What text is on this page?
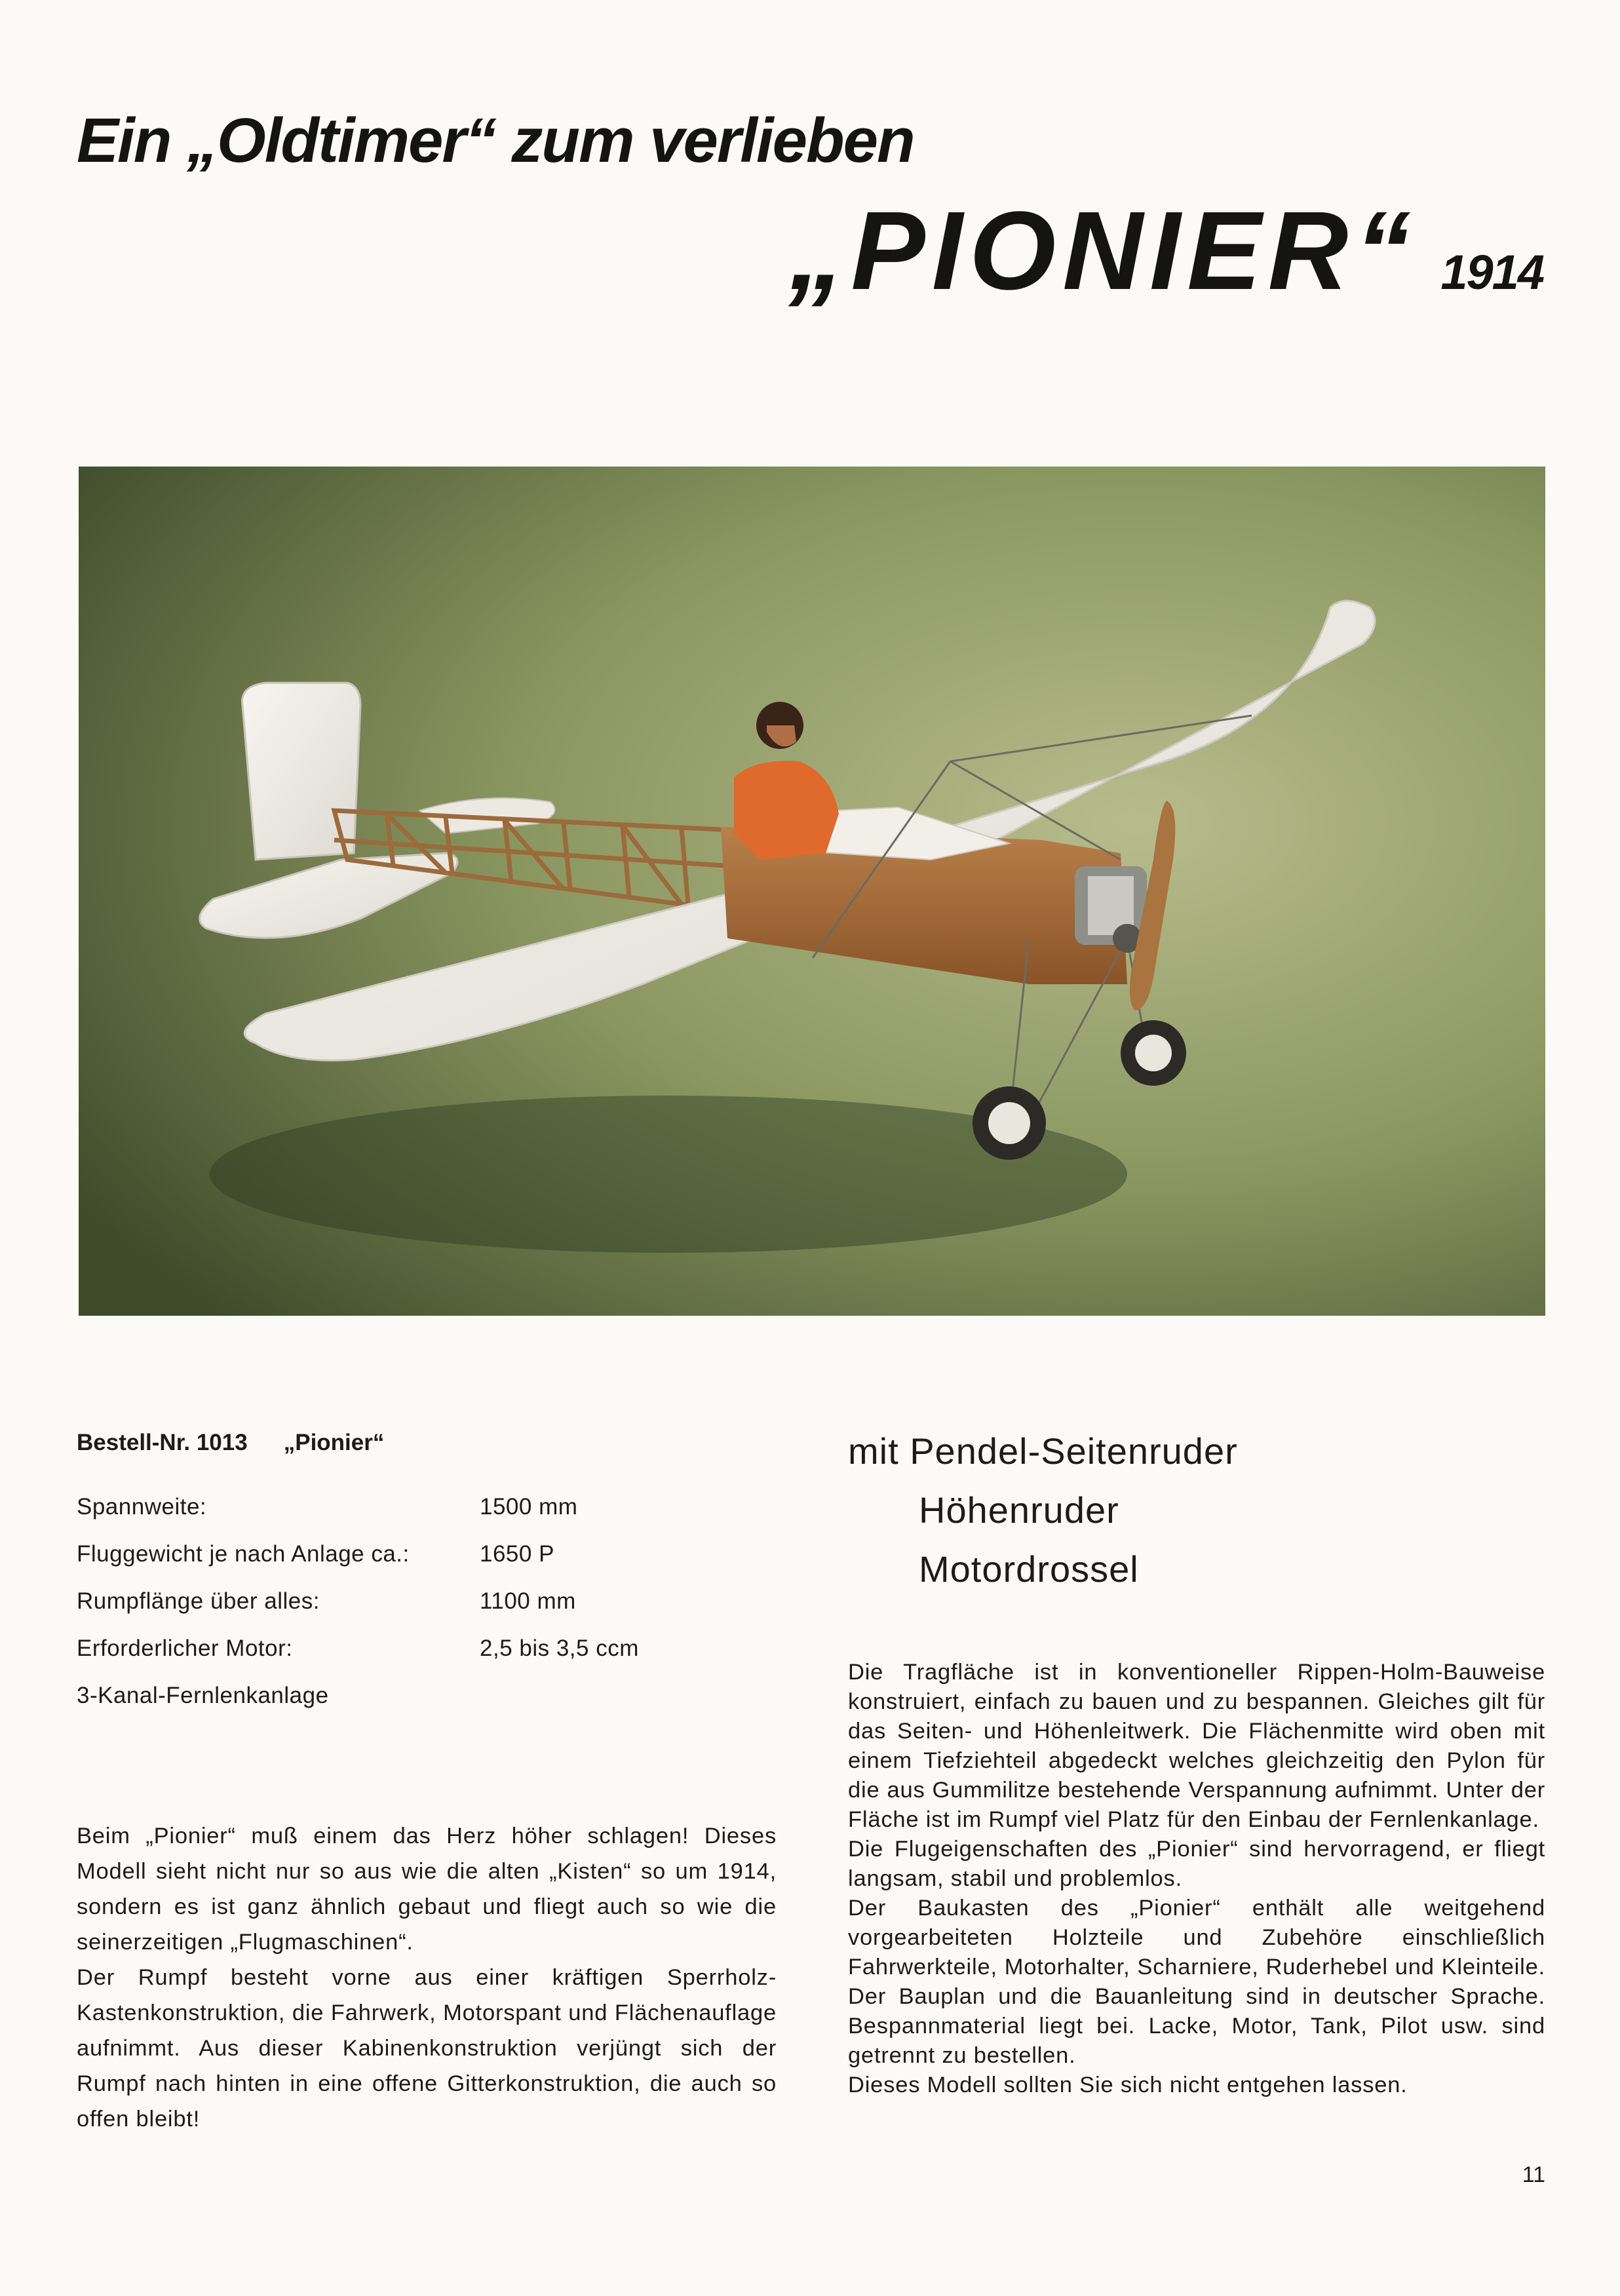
Ein „Oldtimer“ zum verlieben
„PIONIER“ 1914
Bestell-Nr. 1013 „Pionier“
Spannweite:	1500 mm
Fluggewicht je nach Anlage ca.:	1650 P
Rumpflänge über alles:	1100 mm
Erforderlicher Motor:	2,5 bis 3,5 ccm
3-Kanal-Fernlenkanlage

Beim „Pionier“ muß einem das Herz höher schlagen! Dieses Modell sieht nicht nur so aus wie die alten „Kisten“ so um 1914, sondern es ist ganz ähnlich gebaut und fliegt auch so wie die seinerzeitigen „Flugmaschinen“.

Der Rumpf besteht vorne aus einer kräftigen Sperrholz-Kastenkonstruktion, die Fahrwerk, Motorspant und Flächenauflage aufnimmt. Aus dieser Kabinenkonstruktion verjüngt sich der Rumpf nach hinten in eine offene Gitterkonstruktion, die auch so offen bleibt!

mit Pendel-Seitenruder
Höhenruder
Motordrossel

Die Tragfläche ist in konventioneller Rippen-Holm-Bauweise konstruiert, einfach zu bauen und zu bespannen. Gleiches gilt für das Seiten- und Höhenleitwerk. Die Flächenmitte wird oben mit einem Tiefziehteil abgedeckt welches gleichzeitig den Pylon für die aus Gummilitze bestehende Verspannung aufnimmt. Unter der Fläche ist im Rumpf viel Platz für den Einbau der Fernlenkanlage.

Die Flugeigenschaften des „Pionier“ sind hervorragend, er fliegt langsam, stabil und problemlos.

Der Baukasten des „Pionier“ enthält alle weitgehend vorgearbeiteten Holzteile und Zubehöre einschließlich Fahrwerkteile, Motorhalter, Scharniere, Ruderhebel und Kleinteile. Der Bauplan und die Bauanleitung sind in deutscher Sprache. Bespannmaterial liegt bei. Lacke, Motor, Tank, Pilot usw. sind getrennt zu bestellen.

Dieses Modell sollten Sie sich nicht entgehen lassen.

11
